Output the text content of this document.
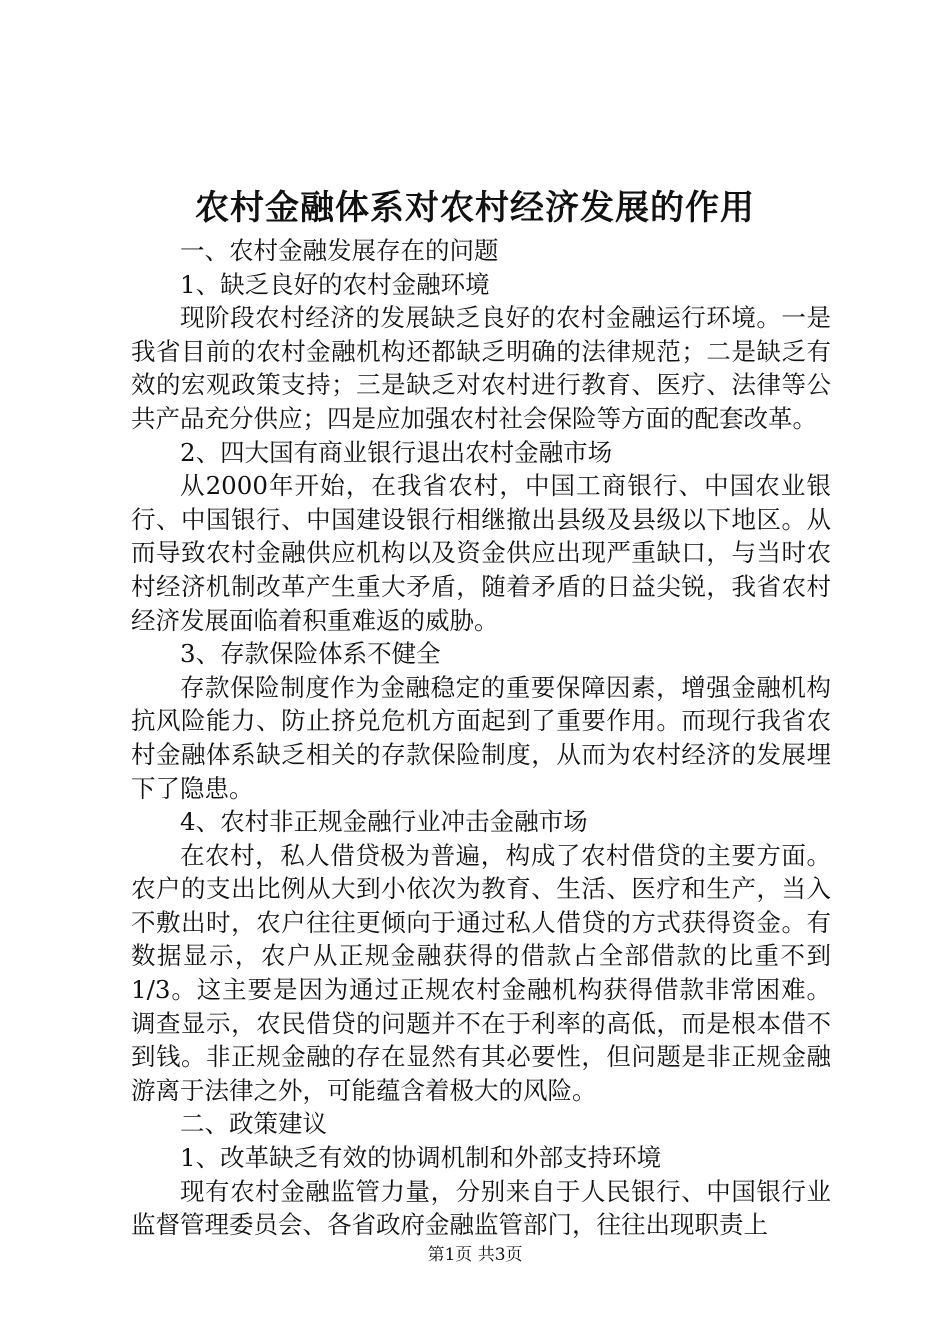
农村金融体系对农村经济发展的作用

一、农村金融发展存在的问题

1、缺乏良好的农村金融环境

现阶段农村经济的发展缺乏良好的农村金融运行环境。一是我省目前的农村金融机构还都缺乏明确的法律规范；二是缺乏有效的宏观政策支持；三是缺乏对农村进行教育、医疗、法律等公共产品充分供应；四是应加强农村社会保险等方面的配套改革。

2、四大国有商业银行退出农村金融市场

从2000年开始，在我省农村，中国工商银行、中国农业银行、中国银行、中国建设银行相继撤出县级及县级以下地区。从而导致农村金融供应机构以及资金供应出现严重缺口，与当时农村经济机制改革产生重大矛盾，随着矛盾的日益尖锐，我省农村经济发展面临着积重难返的威胁。

3、存款保险体系不健全

存款保险制度作为金融稳定的重要保障因素，增强金融机构抗风险能力、防止挤兑危机方面起到了重要作用。而现行我省农村金融体系缺乏相关的存款保险制度，从而为农村经济的发展埋下了隐患。

4、农村非正规金融行业冲击金融市场

在农村，私人借贷极为普遍，构成了农村借贷的主要方面。农户的支出比例从大到小依次为教育、生活、医疗和生产，当入不敷出时，农户往往更倾向于通过私人借贷的方式获得资金。有数据显示，农户从正规金融获得的借款占全部借款的比重不到1/3。这主要是因为通过正规农村金融机构获得借款非常困难。调查显示，农民借贷的问题并不在于利率的高低，而是根本借不到钱。非正规金融的存在显然有其必要性，但问题是非正规金融游离于法律之外，可能蕴含着极大的风险。

二、政策建议

1、改革缺乏有效的协调机制和外部支持环境

现有农村金融监管力量，分别来自于人民银行、中国银行业监督管理委员会、各省政府金融监管部门，往往出现职责上

第1页 共3页
